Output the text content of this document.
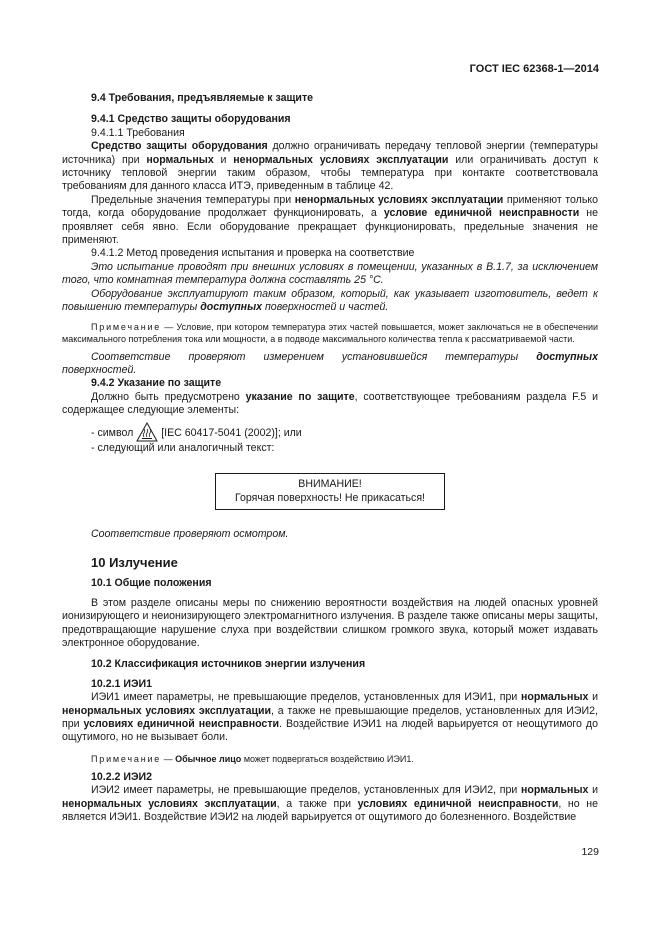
ГОСТ IEC 62368-1—2014

9.4 Требования, предъявляемые к защите

9.4.1 Средство защиты оборудования

9.4.1.1 Требования

Средство защиты оборудования должно ограничивать передачу тепловой энергии (температуры источника) при нормальных и ненормальных условиях эксплуатации или ограничивать доступ к источнику тепловой энергии таким образом, чтобы температура при контакте соответствовала требованиям для данного класса ИТЭ, приведенным в таблице 42.

Предельные значения температуры при ненормальных условиях эксплуатации применяют только тогда, когда оборудование продолжает функционировать, а условие единичной неисправности не проявляет себя явно. Если оборудование прекращает функционировать, предельные значения не применяют.

9.4.1.2 Метод проведения испытания и проверка на соответствие

Это испытание проводят при внешних условиях в помещении, указанных в В.1.7, за исключением того, что комнатная температура должна составлять 25 °С.

Оборудование эксплуатируют таким образом, который, как указывает изготовитель, ведет к повышению температуры доступных поверхностей и частей.

Примечание — Условие, при котором температура этих частей повышается, может заключаться не в обеспечении максимального потребления тока или мощности, а в подводе максимального количества тепла к рассматриваемой части.

Соответствие проверяют измерением установившейся температуры доступных поверхностей.

9.4.2 Указание по защите

Должно быть предусмотрено указание по защите, соответствующее требованиям раздела F.5 и содержащее следующие элементы:

- символ  [IEC 60417-5041 (2002)]; или

- следующий или аналогичный текст:

ВНИМАНИЕ!
Горячая поверхность! Не прикасаться!

Соответствие проверяют осмотром.

10 Излучение

10.1 Общие положения

В этом разделе описаны меры по снижению вероятности воздействия на людей опасных уровней ионизирующего и неионизирующего электромагнитного излучения. В разделе также описаны меры защиты, предотвращающие нарушение слуха при воздействии слишком громкого звука, который может издавать электронное оборудование.

10.2 Классификация источников энергии излучения

10.2.1 ИЭИ1

ИЭИ1 имеет параметры, не превышающие пределов, установленных для ИЭИ1, при нормальных и ненормальных условиях эксплуатации, а также не превышающие пределов, установленных для ИЭИ2, при условиях единичной неисправности. Воздействие ИЭИ1 на людей варьируется от неощутимого до ощутимого, но не вызывает боли.

Примечание — Обычное лицо может подвергаться воздействию ИЭИ1.

10.2.2 ИЭИ2

ИЭИ2 имеет параметры, не превышающие пределов, установленных для ИЭИ2, при нормальных и ненормальных условиях эксплуатации, а также при условиях единичной неисправности, но не является ИЭИ1. Воздействие ИЭИ2 на людей варьируется от ощутимого до болезненного. Воздействие

129
